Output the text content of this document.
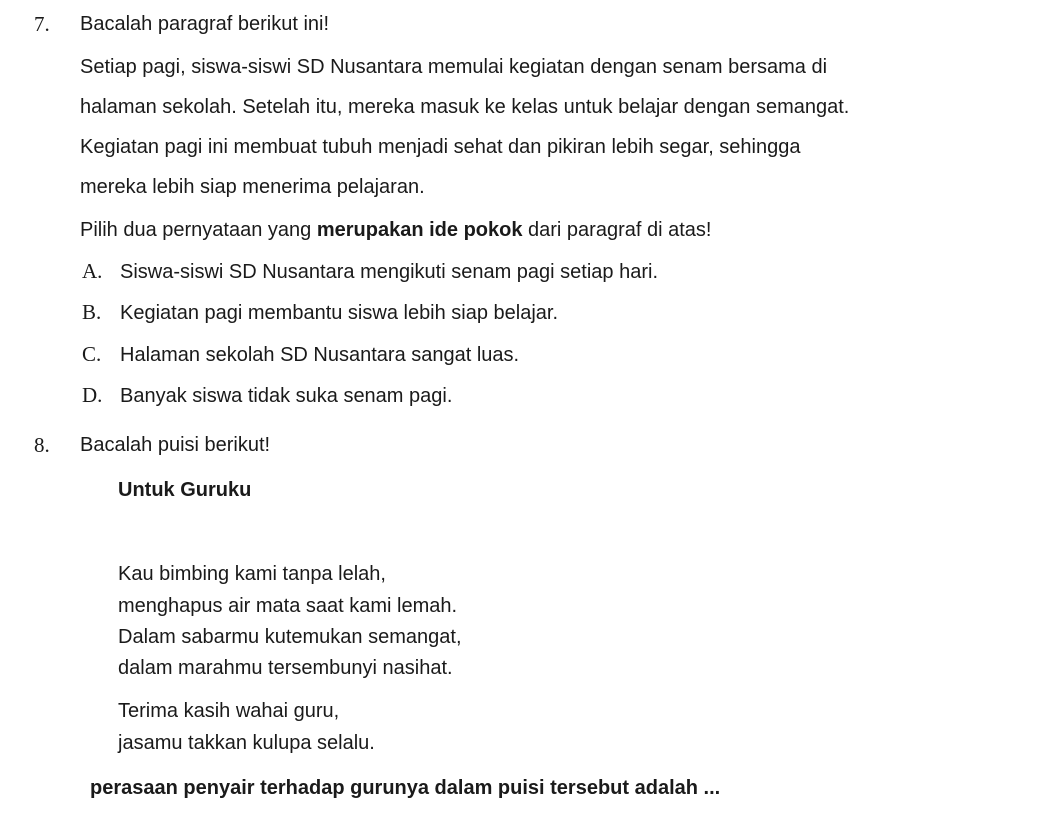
7. Bacalah paragraf berikut ini!
Setiap pagi, siswa-siswi SD Nusantara memulai kegiatan dengan senam bersama di
halaman sekolah. Setelah itu, mereka masuk ke kelas untuk belajar dengan semangat.
Kegiatan pagi ini membuat tubuh menjadi sehat dan pikiran lebih segar, sehingga
mereka lebih siap menerima pelajaran.
Pilih dua pernyataan yang merupakan ide pokok dari paragraf di atas!
A. Siswa-siswi SD Nusantara mengikuti senam pagi setiap hari.
B. Kegiatan pagi membantu siswa lebih siap belajar.
C. Halaman sekolah SD Nusantara sangat luas.
D. Banyak siswa tidak suka senam pagi.
8. Bacalah puisi berikut!
Untuk Guruku
Kau bimbing kami tanpa lelah,
menghapus air mata saat kami lemah.
Dalam sabarmu kutemukan semangat,
dalam marahmu tersembunyi nasihat.
Terima kasih wahai guru,
jasamu takkan kulupa selalu.
perasaan penyair terhadap gurunya dalam puisi tersebut adalah ...
